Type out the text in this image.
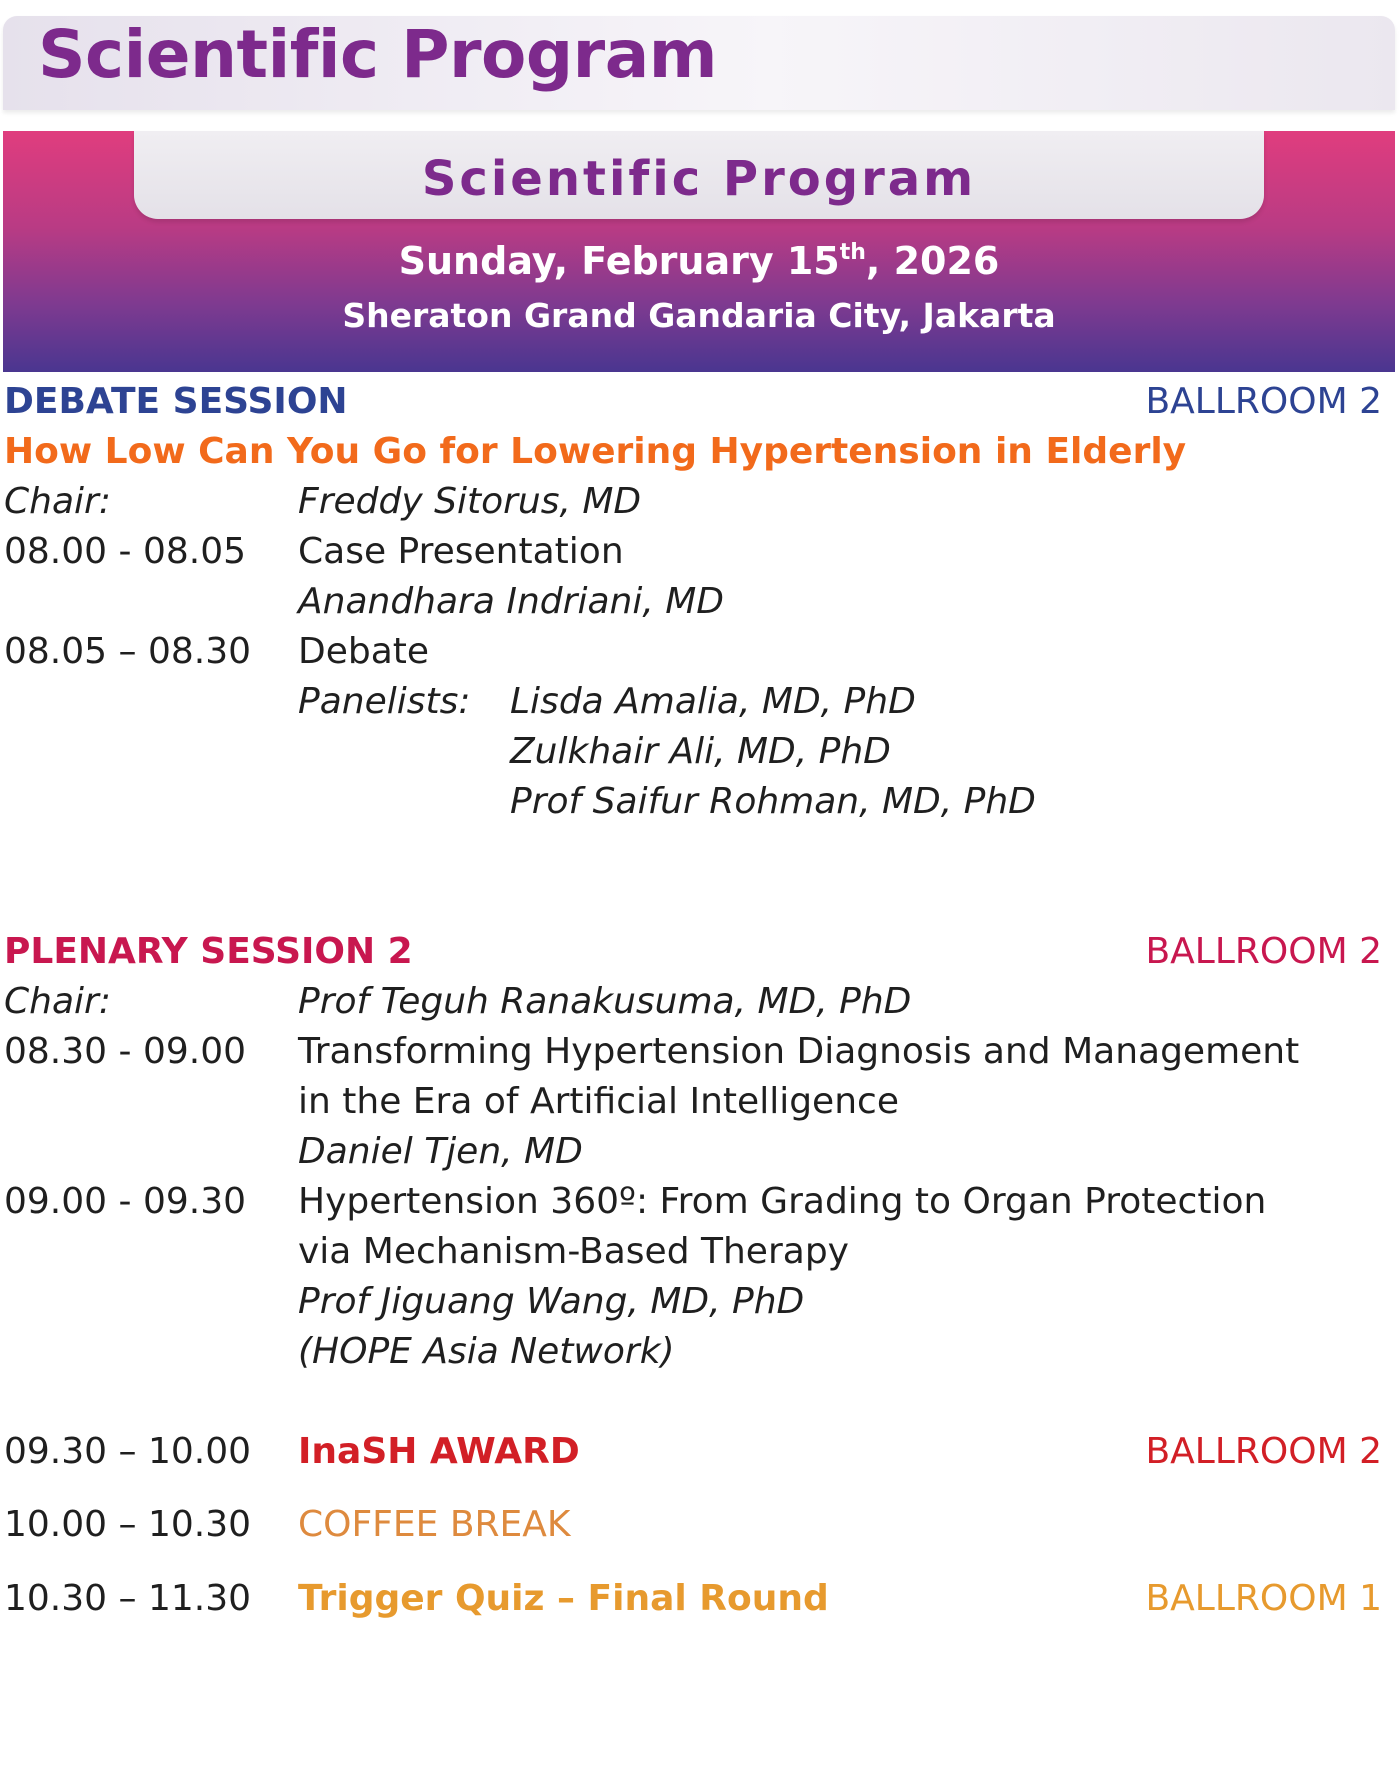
Scientific Program
Scientific Program
Sunday, February 15th, 2026
Sheraton Grand Gandaria City, Jakarta
DEBATE SESSION	BALLROOM 2
How Low Can You Go for Lowering Hypertension in Elderly
Chair:	Freddy Sitorus, MD
08.00 - 08.05 Case Presentation
Anandhara Indriani, MD
08.05 – 08.30 Debate
Panelists: Lisda Amalia, MD, PhD
Zulkhair Ali, MD, PhD
Prof Saifur Rohman, MD, PhD
PLENARY SESSION 2	BALLROOM 2
Chair:	Prof Teguh Ranakusuma, MD, PhD
08.30 - 09.00 Transforming Hypertension Diagnosis and Management
in the Era of Artificial Intelligence
Daniel Tjen, MD
09.00 - 09.30 Hypertension 360º: From Grading to Organ Protection
via Mechanism-Based Therapy
Prof Jiguang Wang, MD, PhD
(HOPE Asia Network)
09.30 – 10.00 InaSH AWARD	BALLROOM 2
10.00 – 10.30 COFFEE BREAK
10.30 – 11.30 Trigger Quiz – Final Round	BALLROOM 1
